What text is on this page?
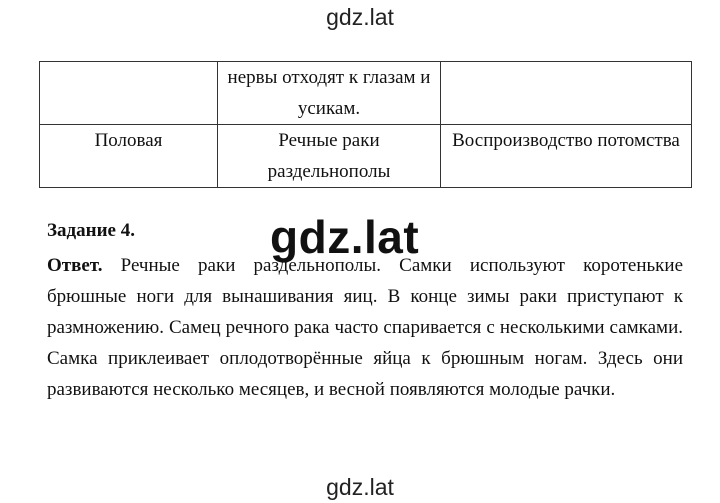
gdz.lat
	нервы отходят к глазам и усикам.	
Половая	Речные раки раздельнополы	Воспроизводство потомства
Задание 4.
Ответ. Речные раки раздельнополы. Самки используют коротенькие брюшные ноги для вынашивания яиц. В конце зимы раки приступают к размножению. Самец речного рака часто спаривается с несколькими самками. Самка приклеивает оплодотворённые яйца к брюшным ногам. Здесь они развиваются несколько месяцев, и весной появляются молодые рачки.
gdz.lat
gdz.lat
